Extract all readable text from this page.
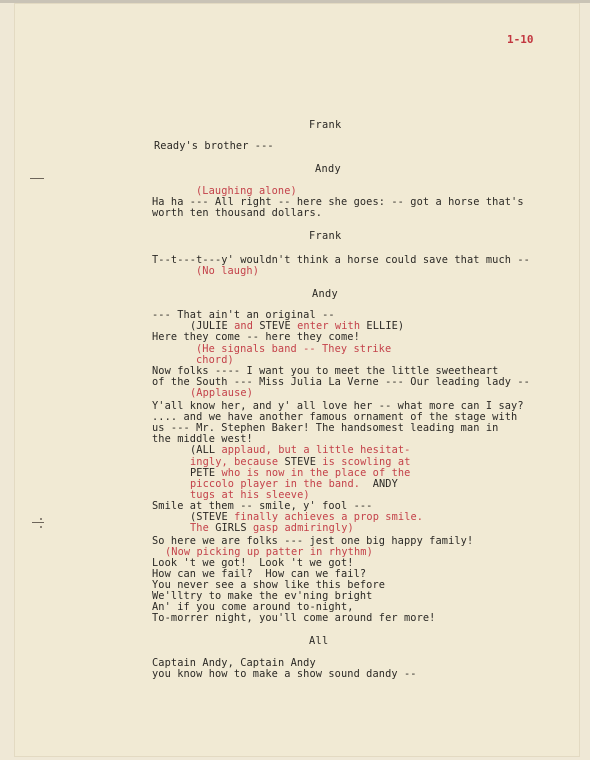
1-10
Frank
Ready's brother ---
Andy
(Laughing alone)
Ha ha --- All right -- here she goes: -- got a horse that's
worth ten thousand dollars.
Frank
T--t---t---y' wouldn't think a horse could save that much --
(No laugh)
Andy
--- That ain't an original --
(JULIE and STEVE enter with ELLIE)
Here they come -- here they come!
(He signals band -- They strike
chord)
Now folks ---- I want you to meet the little sweetheart
of the South --- Miss Julia La Verne --- Our leading lady --
(Applause)
Y'all know her, and y' all love her -- what more can I say?
.... and we have another famous ornament of the stage with
us --- Mr. Stephen Baker! The handsomest leading man in
the middle west!
(ALL applaud, but a little hesitat-
ingly, because STEVE is scowling at
PETE who is now in the place of the
piccolo player in the band.  ANDY
tugs at his sleeve)
Smile at them -- smile, y' fool ---
(STEVE finally achieves a prop smile.
The GIRLS gasp admiringly)
So here we are folks --- jest one big happy family!
(Now picking up patter in rhythm)
Look 't we got!  Look 't we got!
How can we fail?  How can we fail?
You never see a show like this before
We'lltry to make the ev'ning bright
An' if you come around to-night,
To-morrer night, you'll come around fer more!
All
Captain Andy, Captain Andy
you know how to make a show sound dandy --
